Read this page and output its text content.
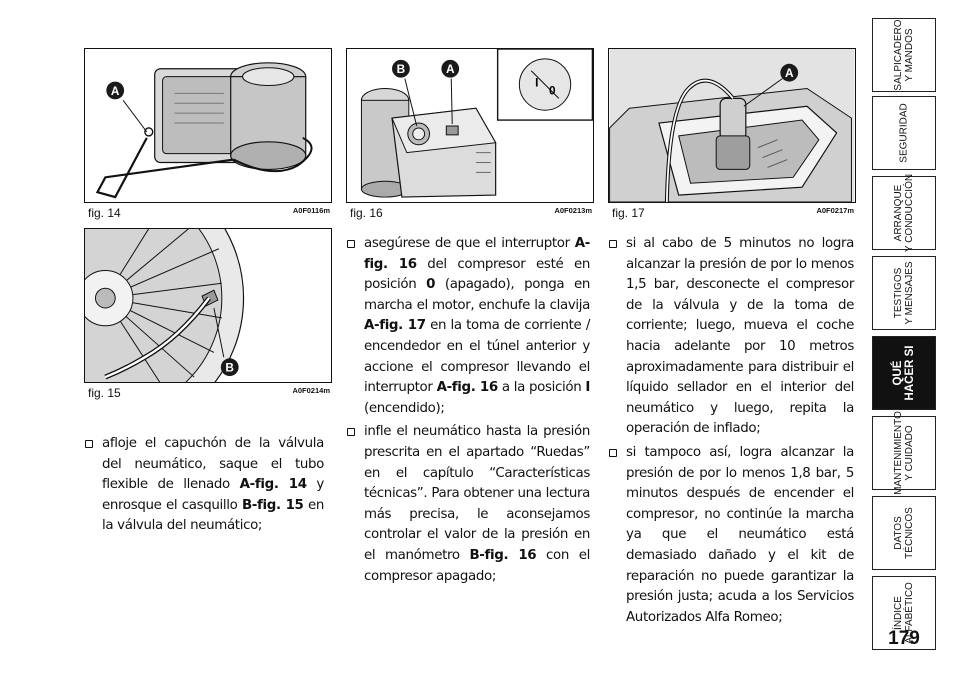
A
fig. 14	A0F0116m
B
fig. 15	A0F0214m
B	A
I
0
fig. 16	A0F0213m
A
fig. 17	A0F0217m
afloje el capuchón de la válvula del neumático, saque el tubo flexible de llenado A-fig. 14 y enrosque el casquillo B-fig. 15 en la válvula del neumático;
asegúrese de que el interruptor A-fig. 16 del compresor esté en posición 0 (apagado), ponga en marcha el motor, enchufe la clavija A-fig. 17 en la toma de corriente / encendedor en el túnel anterior y accione el compresor llevando el interruptor A-fig. 16 a la posición I (encendido);
infle el neumático hasta la presión prescrita en el apartado “Ruedas” en el capítulo “Características técnicas”. Para obtener una lectura más precisa, le aconsejamos controlar el valor de la presión en el manómetro B-fig. 16 con el compresor apagado;
si al cabo de 5 minutos no logra alcanzar la presión de por lo menos 1,5 bar, desconecte el compresor de la válvula y de la toma de corriente; luego, mueva el coche hacia adelante por 10 metros aproximadamente para distribuir el líquido sellador en el interior del neumático y luego, repita la operación de inflado;
si tampoco así, logra alcanzar la presión de por lo menos 1,8 bar, 5 minutos después de encender el compresor, no continúe la marcha ya que el neumático está demasiado dañado y el kit de reparación no puede garantizar la presión justa; acuda a los Servicios Autorizados Alfa Romeo;
SALPICADERO Y MANDOS
SEGURIDAD
ARRANQUE Y CONDUCCIÓN
TESTIGOS Y MENSAJES
QUÉ HACER SI
MANTENIMIENTO Y CUIDADO
DATOS TÉCNICOS
ÍNDICE ALFABÉTICO
179
